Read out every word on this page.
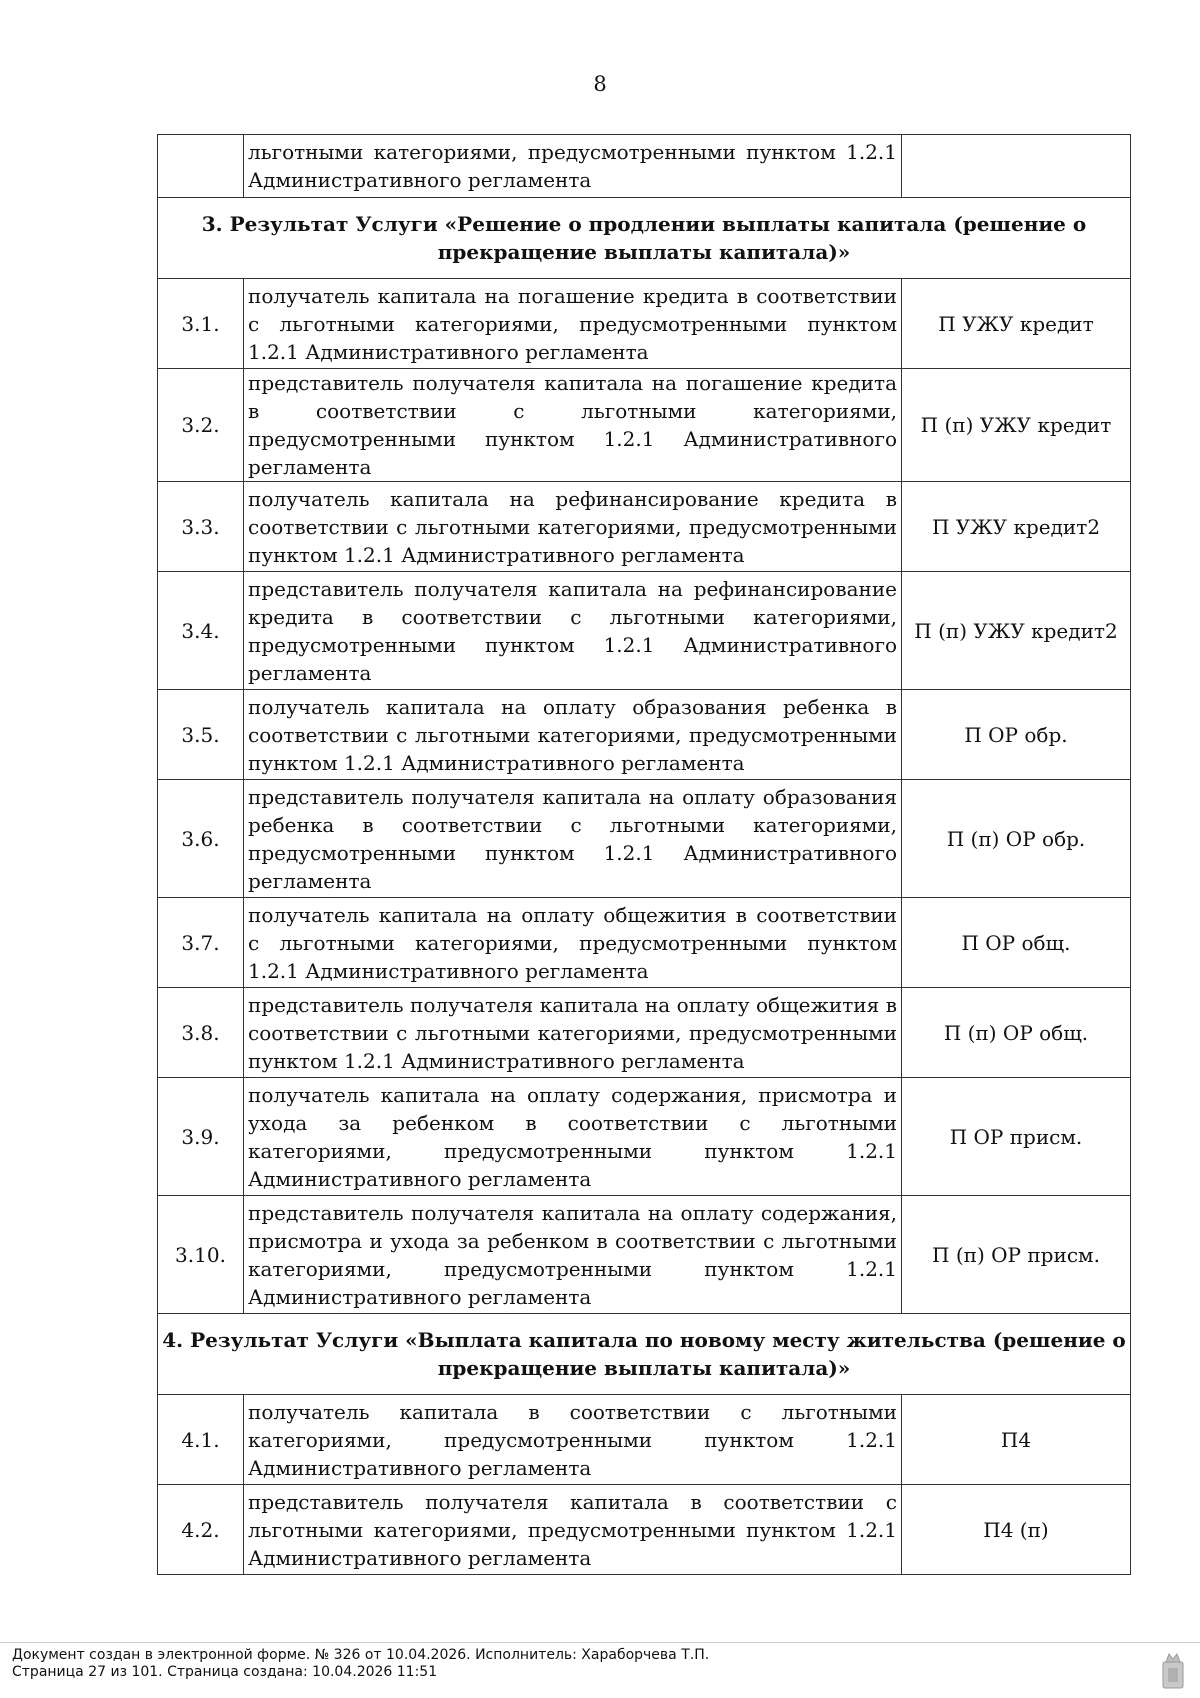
8
	льготными категориями, предусмотренными пунктом 1.2.1 Административного регламента	
3. Результат Услуги «Решение о продлении выплаты капитала (решение о прекращение выплаты капитала)»		
3.1.	получатель капитала на погашение кредита в соответствии с льготными категориями, предусмотренными пунктом 1.2.1 Административного регламента	П УЖУ кредит
3.2.	представитель получателя капитала на погашение кредита в соответствии с льготными категориями, предусмотренными пунктом 1.2.1 Административного регламента	П (п) УЖУ кредит
3.3.	получатель капитала на рефинансирование кредита в соответствии с льготными категориями, предусмотренными пунктом 1.2.1 Административного регламента	П УЖУ кредит2
3.4.	представитель получателя капитала на рефинансирование кредита в соответствии с льготными категориями, предусмотренными пунктом 1.2.1 Административного регламента	П (п) УЖУ кредит2
3.5.	получатель капитала на оплату образования ребенка в соответствии с льготными категориями, предусмотренными пунктом 1.2.1 Административного регламента	П ОР обр.
3.6.	представитель получателя капитала на оплату образования ребенка в соответствии с льготными категориями, предусмотренными пунктом 1.2.1 Административного регламента	П (п) ОР обр.
3.7.	получатель капитала на оплату общежития в соответствии с льготными категориями, предусмотренными пунктом 1.2.1 Административного регламента	П ОР общ.
3.8.	представитель получателя капитала на оплату общежития в соответствии с льготными категориями, предусмотренными пунктом 1.2.1 Административного регламента	П (п) ОР общ.
3.9.	получатель капитала на оплату содержания, присмотра и ухода за ребенком в соответствии с льготными категориями, предусмотренными пунктом 1.2.1 Административного регламента	П ОР присм.
3.10.	представитель получателя капитала на оплату содержания, присмотра и ухода за ребенком в соответствии с льготными категориями, предусмотренными пунктом 1.2.1 Административного регламента	П (п) ОР присм.
4. Результат Услуги «Выплата капитала по новому месту жительства (решение о прекращение выплаты капитала)»		
4.1.	получатель капитала в соответствии с льготными категориями, предусмотренными пунктом 1.2.1 Административного регламента	П4
4.2.	представитель получателя капитала в соответствии с льготными категориями, предусмотренными пунктом 1.2.1 Административного регламента	П4 (п)
Документ создан в электронной форме. № 326 от 10.04.2026. Исполнитель: Хараборчева Т.П.
Страница 27 из 101. Страница создана: 10.04.2026 11:51
